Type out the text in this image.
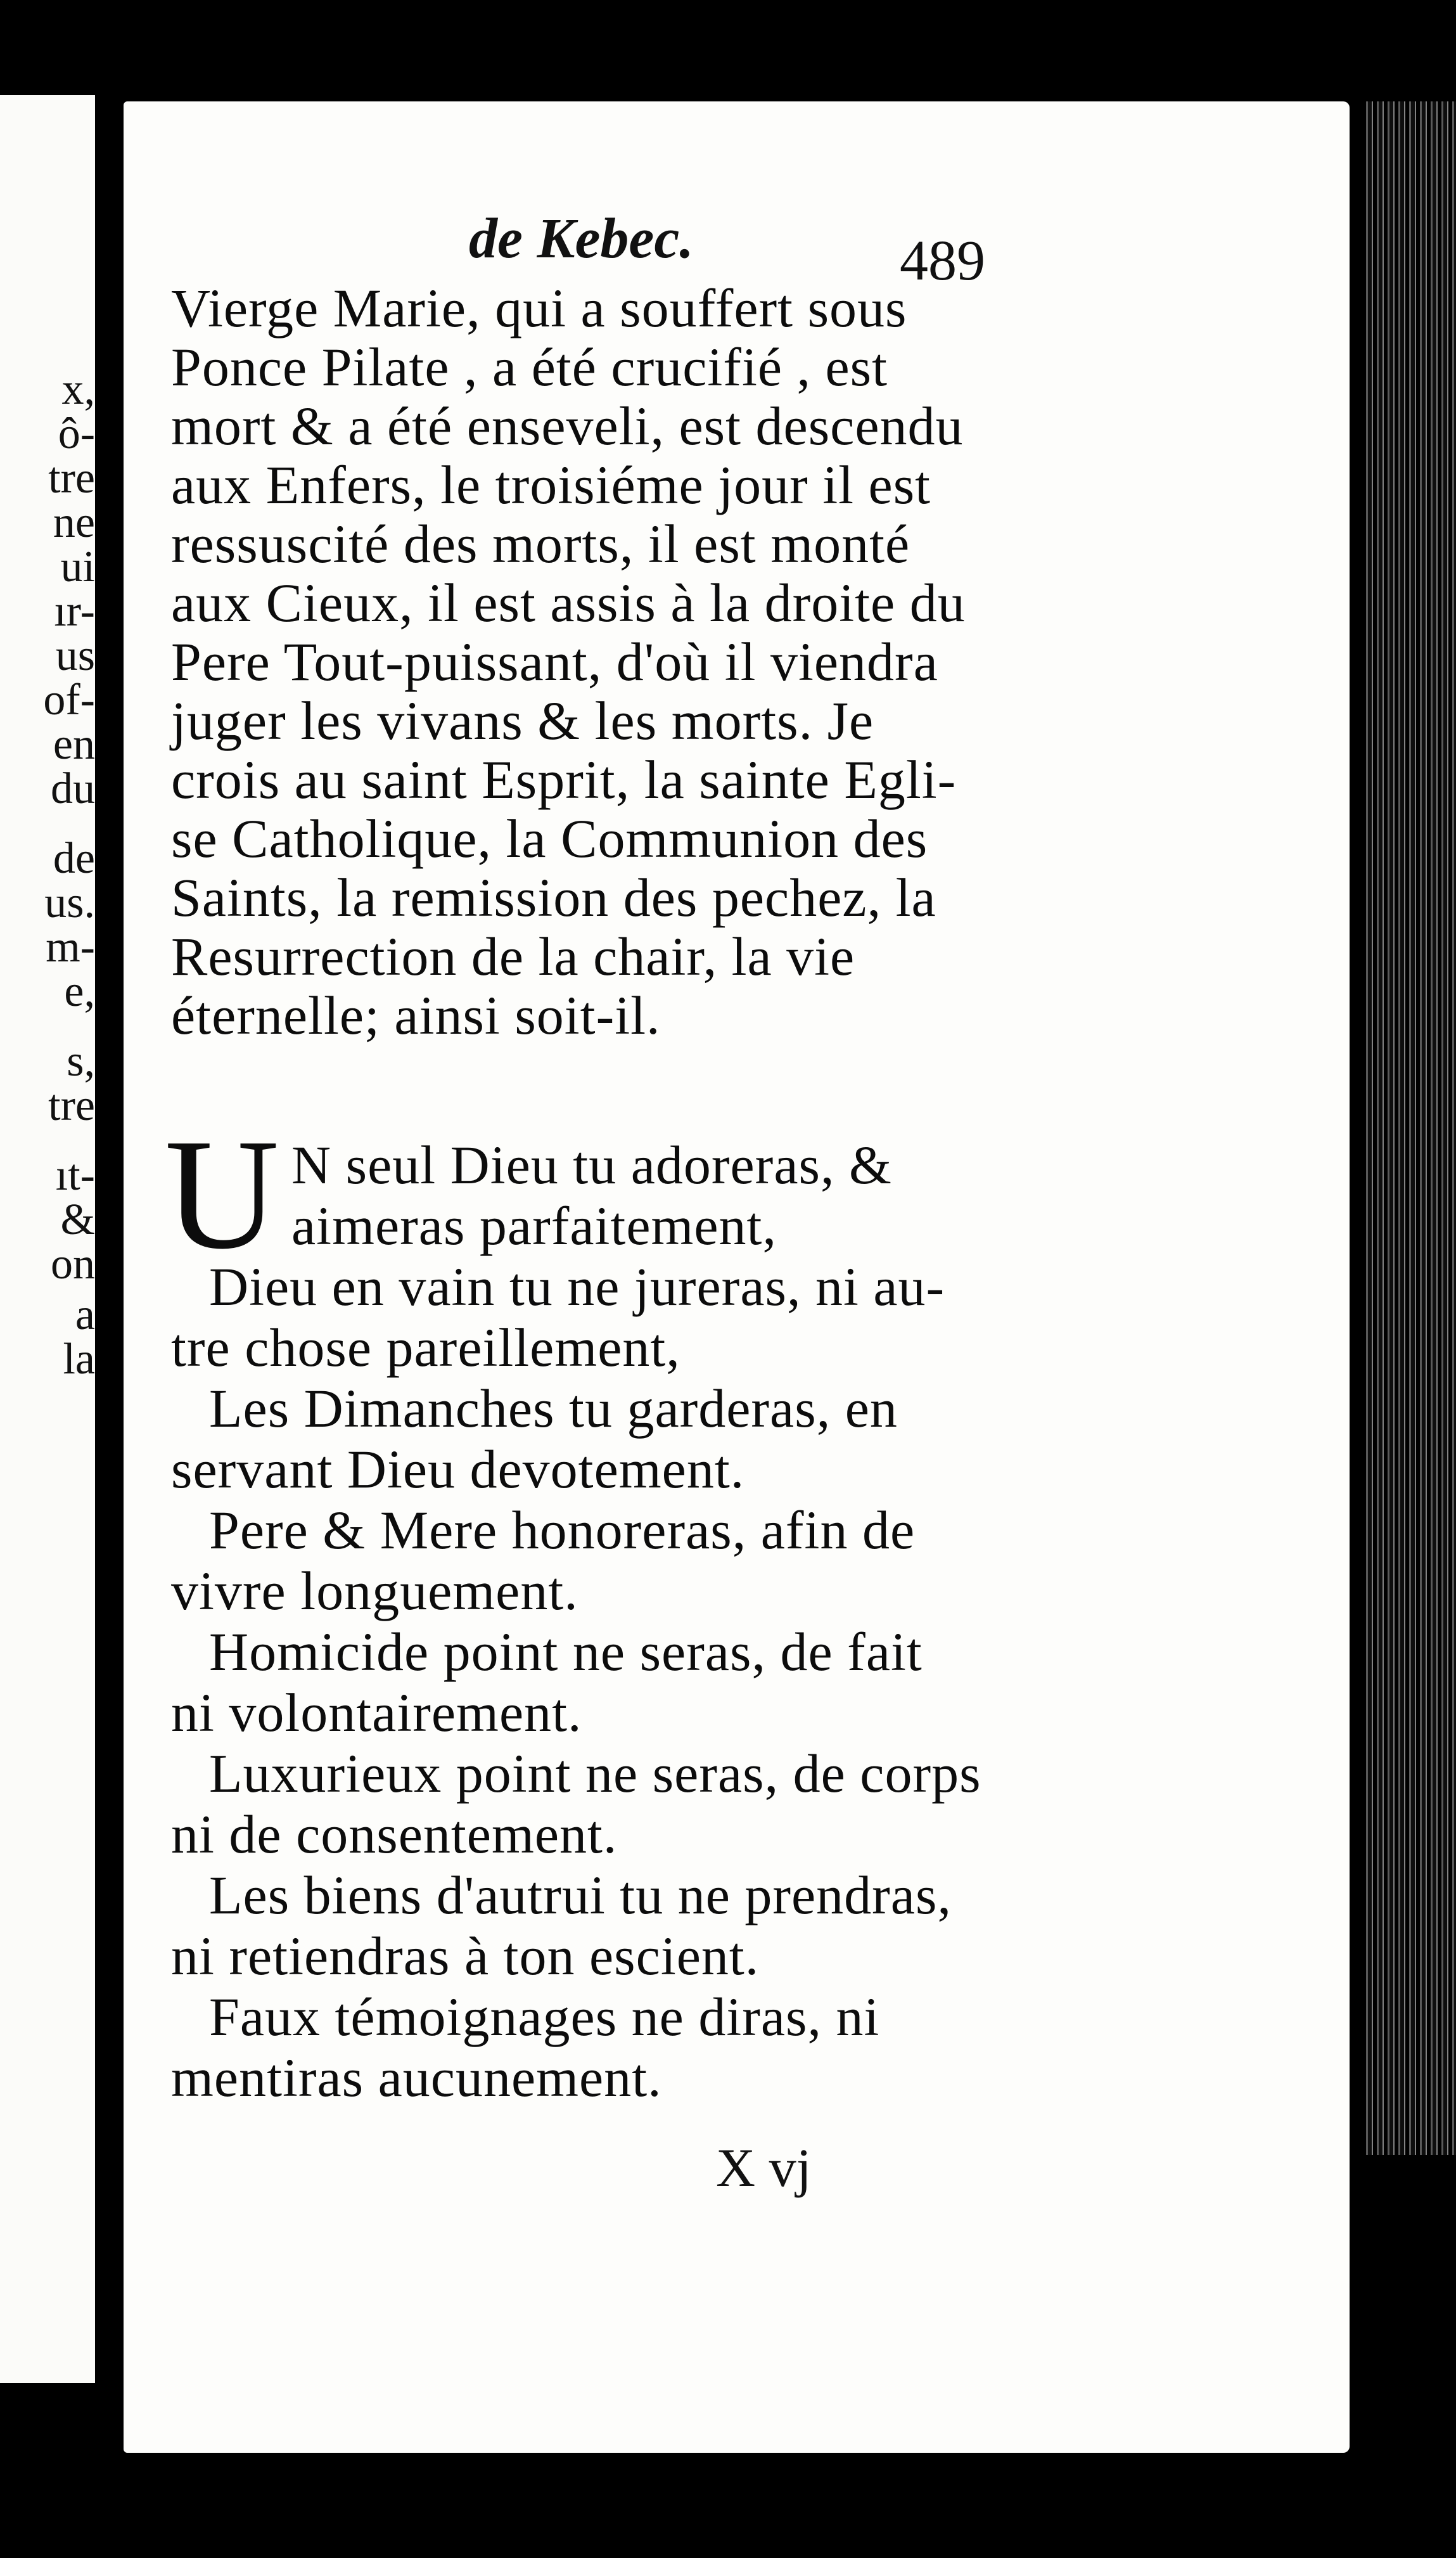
x,
ô-
tre
ne
ui
ır-
us
of-
en
du
de
us.
m-
e,
s,
tre
ıt-
&
on
a
la
de Kebec.	489
Vierge Marie, qui a souffert sous
Ponce Pilate , a été crucifié , est
mort & a été enseveli, est descendu
aux Enfers, le troisiéme jour il est
ressuscité des morts, il est monté
aux Cieux, il est assis à la droite du
Pere Tout-puissant, d'où il viendra
juger les vivans & les morts. Je
crois au saint Esprit, la sainte Egli-
se Catholique, la Communion des
Saints, la remission des pechez, la
Resurrection de la chair, la vie
éternelle; ainsi soit-il.
U N seul Dieu tu adoreras, &
aimeras parfaitement,
Dieu en vain tu ne jureras, ni au-
tre chose pareillement,
Les Dimanches tu garderas, en
servant Dieu devotement.
Pere & Mere honoreras, afin de
vivre longuement.
Homicide point ne seras, de fait
ni volontairement.
Luxurieux point ne seras, de corps
ni de consentement.
Les biens d'autrui tu ne prendras,
ni retiendras à ton escient.
Faux témoignages ne diras, ni
mentiras aucunement.
X vj
